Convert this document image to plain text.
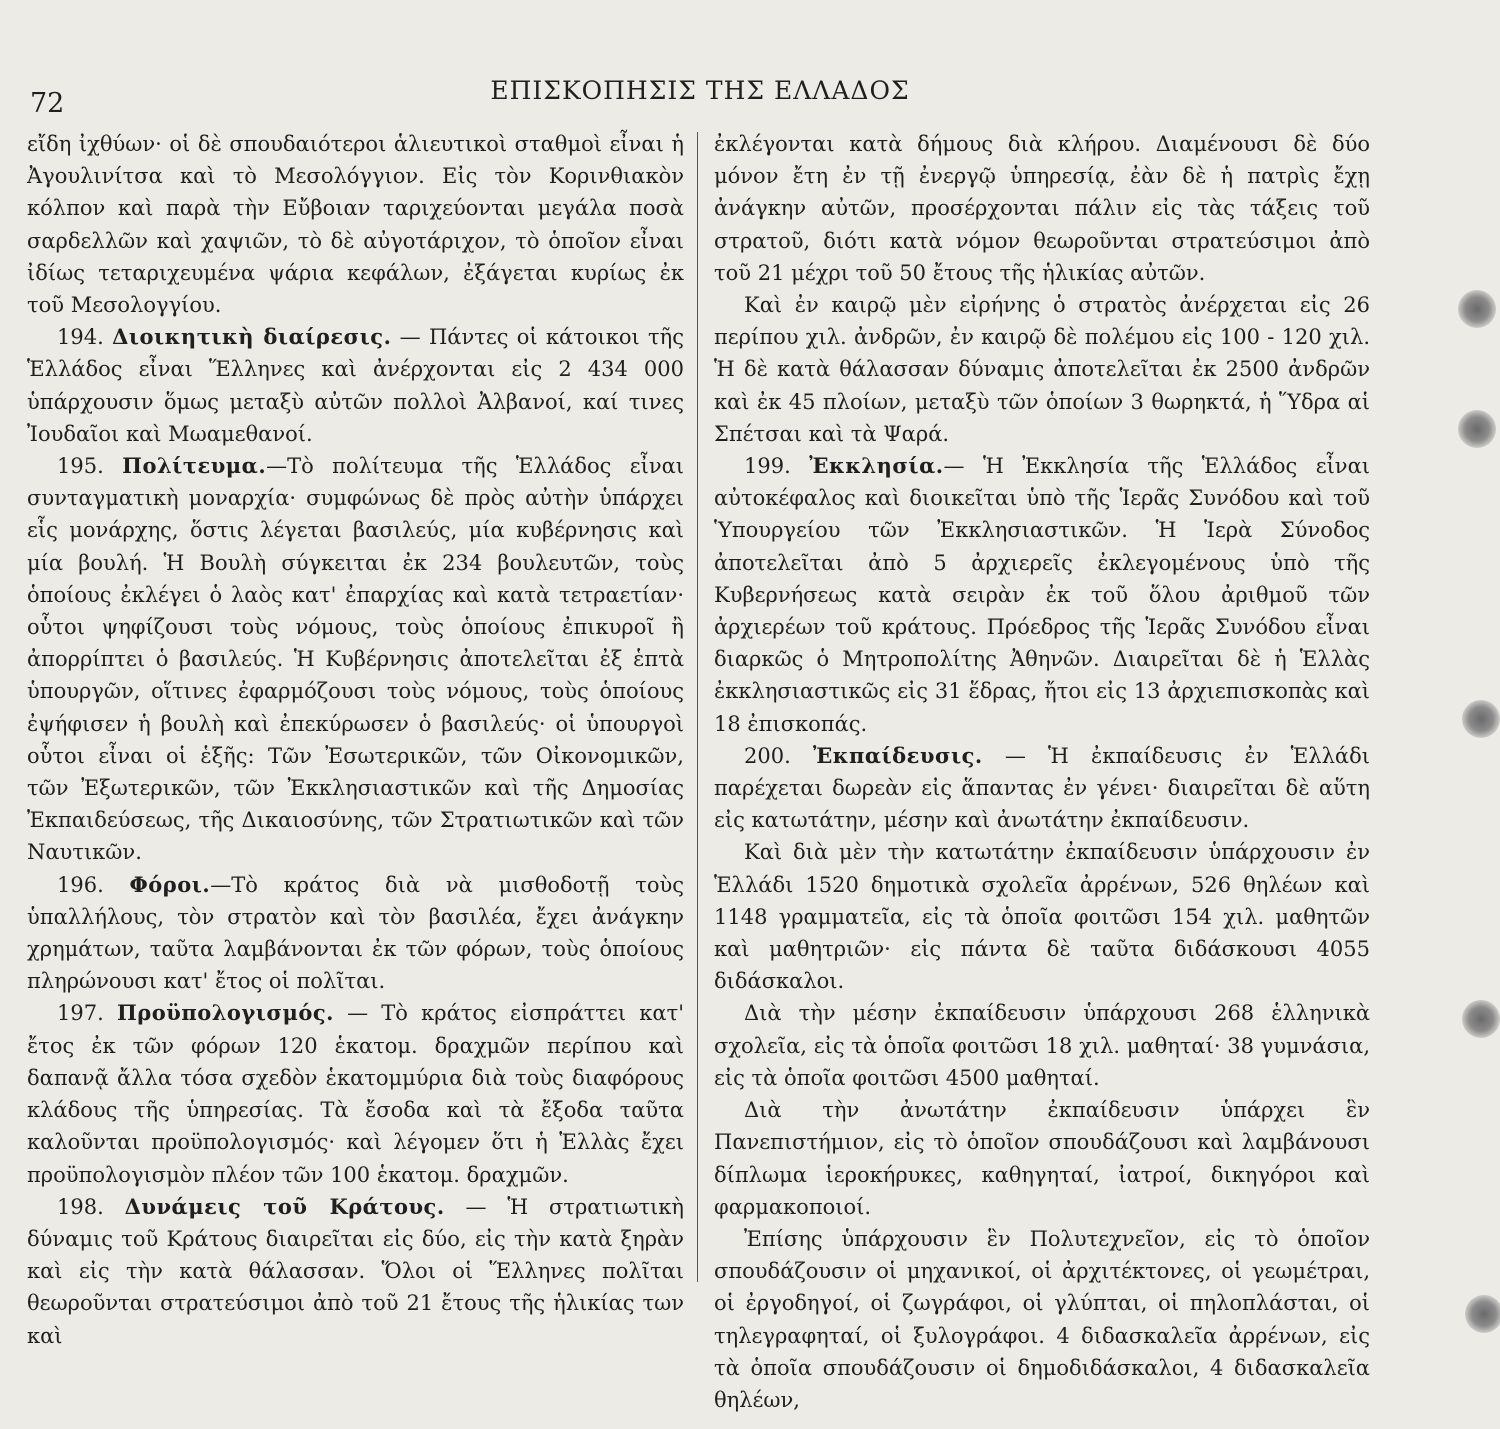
72	ΕΠΙΣΚΟΠΗΣΙΣ ΤΗΣ ΕΛΛΑΔΟΣ

εἴδη ἰχθύων· οἱ δὲ σπουδαιότεροι ἁλιευτικοὶ σταθμοὶ εἶναι ἡ Ἀγουλινίτσα καὶ τὸ Μεσολόγγιον. Εἰς τὸν Κορινθιακὸν κόλπον καὶ παρὰ τὴν Εὔβοιαν ταριχεύονται μεγάλα ποσὰ σαρδελλῶν καὶ χαψιῶν, τὸ δὲ αὐγοτάριχον, τὸ ὁποῖον εἶναι ἰδίως τεταριχευμένα ψάρια κεφάλων, ἐξάγεται κυρίως ἐκ τοῦ Μεσολογγίου.

194. Διοικητικὴ διαίρεσις. — Πάντες οἱ κάτοικοι τῆς Ἑλλάδος εἶναι Ἕλληνες καὶ ἀνέρχονται εἰς 2 434 000 ὑπάρχουσιν ὅμως μεταξὺ αὐτῶν πολλοὶ Ἀλβανοί, καί τινες Ἰουδαῖοι καὶ Μωαμεθανοί.

195. Πολίτευμα.—Τὸ πολίτευμα τῆς Ἑλλάδος εἶναι συνταγματικὴ μοναρχία· συμφώνως δὲ πρὸς αὐτὴν ὑπάρχει εἷς μονάρχης, ὅστις λέγεται βασιλεύς, μία κυβέρνησις καὶ μία βουλή. Ἡ Βουλὴ σύγκειται ἐκ 234 βουλευτῶν, τοὺς ὁποίους ἐκλέγει ὁ λαὸς κατ' ἐπαρχίας καὶ κατὰ τετραετίαν· οὗτοι ψηφίζουσι τοὺς νόμους, τοὺς ὁποίους ἐπικυροῖ ἢ ἀπορρίπτει ὁ βασιλεύς. Ἡ Κυβέρνησις ἀποτελεῖται ἐξ ἑπτὰ ὑπουργῶν, οἵτινες ἐφαρμόζουσι τοὺς νόμους, τοὺς ὁποίους ἐψήφισεν ἡ βουλὴ καὶ ἐπεκύρωσεν ὁ βασιλεύς· οἱ ὑπουργοὶ οὗτοι εἶναι οἱ ἑξῆς: Τῶν Ἐσωτερικῶν, τῶν Οἰκονομικῶν, τῶν Ἐξωτερικῶν, τῶν Ἐκκλησιαστικῶν καὶ τῆς Δημοσίας Ἐκπαιδεύσεως, τῆς Δικαιοσύνης, τῶν Στρατιωτικῶν καὶ τῶν Ναυτικῶν.

196. Φόροι.—Τὸ κράτος διὰ νὰ μισθοδοτῇ τοὺς ὑπαλλήλους, τὸν στρατὸν καὶ τὸν βασιλέα, ἔχει ἀνάγκην χρημάτων, ταῦτα λαμβάνονται ἐκ τῶν φόρων, τοὺς ὁποίους πληρώνουσι κατ' ἔτος οἱ πολῖται.

197. Προϋπολογισμός. — Τὸ κράτος εἰσπράττει κατ' ἔτος ἐκ τῶν φόρων 120 ἑκατομ. δραχμῶν περίπου καὶ δαπανᾷ ἄλλα τόσα σχεδὸν ἑκατομμύρια διὰ τοὺς διαφόρους κλάδους τῆς ὑπηρεσίας. Τὰ ἔσοδα καὶ τὰ ἔξοδα ταῦτα καλοῦνται προϋπολογισμός· καὶ λέγομεν ὅτι ἡ Ἑλλὰς ἔχει προϋπολογισμὸν πλέον τῶν 100 ἑκατομ. δραχμῶν.

198. Δυνάμεις τοῦ Κράτους. — Ἡ στρατιωτικὴ δύναμις τοῦ Κράτους διαιρεῖται εἰς δύο, εἰς τὴν κατὰ ξηρὰν καὶ εἰς τὴν κατὰ θάλασσαν. Ὅλοι οἱ Ἕλληνες πολῖται θεωροῦνται στρατεύσιμοι ἀπὸ τοῦ 21 ἔτους τῆς ἡλικίας των καὶ

ἐκλέγονται κατὰ δήμους διὰ κλήρου. Διαμένουσι δὲ δύο μόνον ἔτη ἐν τῇ ἐνεργῷ ὑπηρεσίᾳ, ἐὰν δὲ ἡ πατρὶς ἔχῃ ἀνάγκην αὐτῶν, προσέρχονται πάλιν εἰς τὰς τάξεις τοῦ στρατοῦ, διότι κατὰ νόμον θεωροῦνται στρατεύσιμοι ἀπὸ τοῦ 21 μέχρι τοῦ 50 ἔτους τῆς ἡλικίας αὐτῶν.

Καὶ ἐν καιρῷ μὲν εἰρήνης ὁ στρατὸς ἀνέρχεται εἰς 26 περίπου χιλ. ἀνδρῶν, ἐν καιρῷ δὲ πολέμου εἰς 100 - 120 χιλ. Ἡ δὲ κατὰ θάλασσαν δύναμις ἀποτελεῖται ἐκ 2500 ἀνδρῶν καὶ ἐκ 45 πλοίων, μεταξὺ τῶν ὁποίων 3 θωρηκτά, ἡ Ὕδρα αἱ Σπέτσαι καὶ τὰ Ψαρά.

199. Ἐκκλησία.— Ἡ Ἐκκλησία τῆς Ἑλλάδος εἶναι αὐτοκέφαλος καὶ διοικεῖται ὑπὸ τῆς Ἱερᾶς Συνόδου καὶ τοῦ Ὑπουργείου τῶν Ἐκκλησιαστικῶν. Ἡ Ἱερὰ Σύνοδος ἀποτελεῖται ἀπὸ 5 ἀρχιερεῖς ἐκλεγομένους ὑπὸ τῆς Κυβερνήσεως κατὰ σειρὰν ἐκ τοῦ ὅλου ἀριθμοῦ τῶν ἀρχιερέων τοῦ κράτους. Πρόεδρος τῆς Ἱερᾶς Συνόδου εἶναι διαρκῶς ὁ Μητροπολίτης Ἀθηνῶν. Διαιρεῖται δὲ ἡ Ἑλλὰς ἐκκλησιαστικῶς εἰς 31 ἕδρας, ἤτοι εἰς 13 ἀρχιεπισκοπὰς καὶ 18 ἐπισκοπάς.

200. Ἐκπαίδευσις. — Ἡ ἐκπαίδευσις ἐν Ἑλλάδι παρέχεται δωρεὰν εἰς ἅπαντας ἐν γένει· διαιρεῖται δὲ αὕτη εἰς κατωτάτην, μέσην καὶ ἀνωτάτην ἐκπαίδευσιν.

Καὶ διὰ μὲν τὴν κατωτάτην ἐκπαίδευσιν ὑπάρχουσιν ἐν Ἑλλάδι 1520 δημοτικὰ σχολεῖα ἀρρένων, 526 θηλέων καὶ 1148 γραμματεῖα, εἰς τὰ ὁποῖα φοιτῶσι 154 χιλ. μαθητῶν καὶ μαθητριῶν· εἰς πάντα δὲ ταῦτα διδάσκουσι 4055 διδάσκαλοι.

Διὰ τὴν μέσην ἐκπαίδευσιν ὑπάρχουσι 268 ἑλληνικὰ σχολεῖα, εἰς τὰ ὁποῖα φοιτῶσι 18 χιλ. μαθηταί· 38 γυμνάσια, εἰς τὰ ὁποῖα φοιτῶσι 4500 μαθηταί.

Διὰ τὴν ἀνωτάτην ἐκπαίδευσιν ὑπάρχει ἓν Πανεπιστήμιον, εἰς τὸ ὁποῖον σπουδάζουσι καὶ λαμβάνουσι δίπλωμα ἱεροκήρυκες, καθηγηταί, ἰατροί, δικηγόροι καὶ φαρμακοποιοί.

Ἐπίσης ὑπάρχουσιν ἓν Πολυτεχνεῖον, εἰς τὸ ὁποῖον σπουδάζουσιν οἱ μηχανικοί, οἱ ἀρχιτέκτονες, οἱ γεωμέτραι, οἱ ἐργοδηγοί, οἱ ζωγράφοι, οἱ γλύπται, οἱ πηλοπλάσται, οἱ τηλεγραφηταί, οἱ ξυλογράφοι. 4 διδασκαλεῖα ἀρρένων, εἰς τὰ ὁποῖα σπουδάζουσιν οἱ δημοδιδάσκαλοι, 4 διδασκαλεῖα θηλέων,
